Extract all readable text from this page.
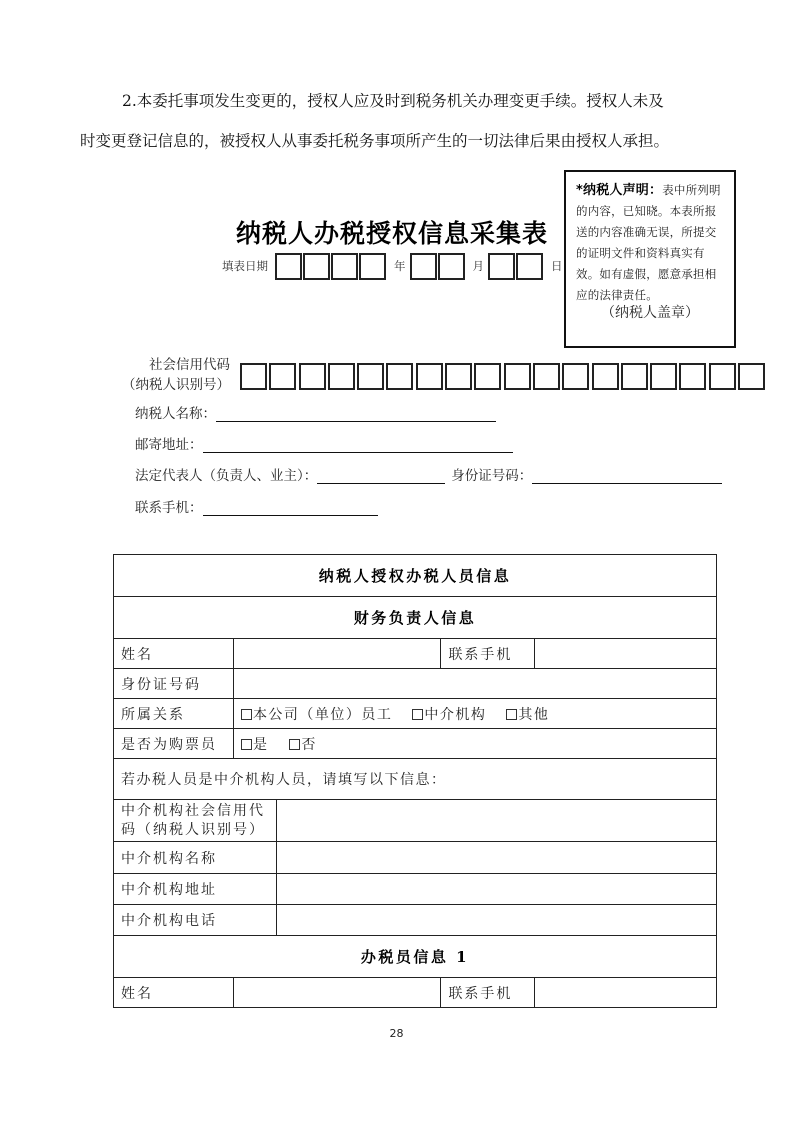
2.本委托事项发生变更的，授权人应及时到税务机关办理变更手续。授权人未及
时变更登记信息的，被授权人从事委托税务事项所产生的一切法律后果由授权人承担。
*纳税人声明：表中所列明的内容，已知晓。本表所报送的内容准确无误，所提交的证明文件和资料真实有效。如有虚假，愿意承担相应的法律责任。
（纳税人盖章）
纳税人办税授权信息采集表
填表日期	年	月	日
社会信用代码
（纳税人识别号）
纳税人名称：
邮寄地址：
法定代表人（负责人、业主）：	身份证号码：
联系手机：
纳税人授权办税人员信息				
财务负责人信息				
姓名			联系手机	
身份证号码				
所属关系	本公司（单位）员工 中介机构 其他			
是否为购票员	是 否			
若办税人员是中介机构人员，请填写以下信息：				
中介机构社会信用代码（纳税人识别号）				
中介机构名称				
中介机构地址				
中介机构电话				
办税员信息 1				
姓名			联系手机	
28
